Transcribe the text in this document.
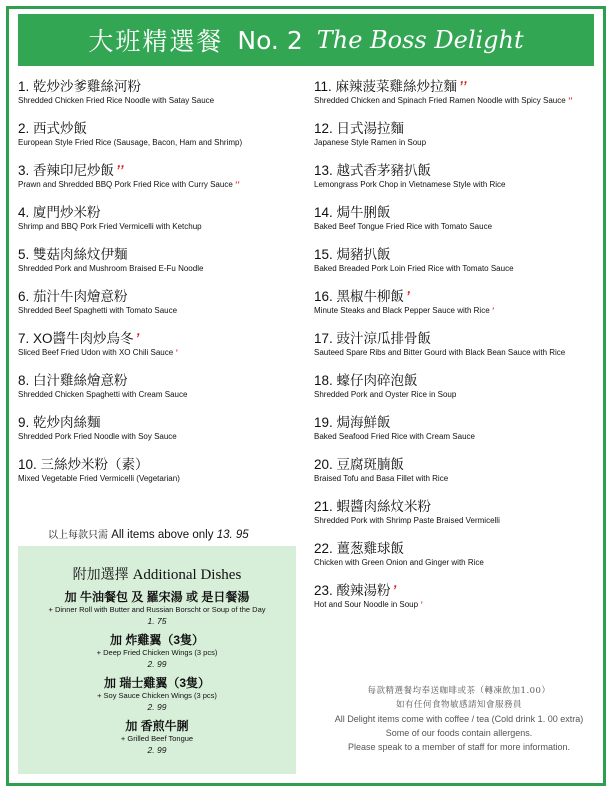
大班精選餐 No. 2 The Boss Delight
1. 乾炒沙爹雞絲河粉
Shredded Chicken Fried Rice Noodle with Satay Sauce
2. 西式炒飯
European Style Fried Rice (Sausage, Bacon, Ham and Shrimp)
3. 香辣印尼炒飯 ʼʼ
Prawn and Shredded BBQ Pork Fried Rice with Curry Sauce ʼʼ
4. 廈門炒米粉
Shrimp and BBQ Pork Fried Vermicelli with Ketchup
5. 雙菇肉絲炆伊麵
Shredded Pork and Mushroom Braised E-Fu Noodle
6. 茄汁牛肉燴意粉
Shredded Beef Spaghetti with Tomato Sauce
7. XO醬牛肉炒烏冬 ʼ
Sliced Beef Fried Udon with XO Chili Sauce ʼ
8. 白汁雞絲燴意粉
Shredded Chicken Spaghetti with Cream Sauce
9. 乾炒肉絲麵
Shredded Pork Fried Noodle with Soy Sauce
10. 三絲炒米粉（素）
Mixed Vegetable Fried Vermicelli (Vegetarian)
11. 麻辣菠菜雞絲炒拉麵 ʼʼ
Shredded Chicken and Spinach Fried Ramen Noodle with Spicy Sauce ʼʼ
12. 日式湯拉麵
Japanese Style Ramen in Soup
13. 越式香茅豬扒飯
Lemongrass Pork Chop in Vietnamese Style with Rice
14. 焗牛脷飯
Baked Beef Tongue Fried Rice with Tomato Sauce
15. 焗豬扒飯
Baked Breaded Pork Loin Fried Rice with Tomato Sauce
16. 黑椒牛柳飯 ʼ
Minute Steaks and Black Pepper Sauce with Rice ʼ
17. 豉汁涼瓜排骨飯
Sauteed Spare Ribs and Bitter Gourd with Black Bean Sauce with Rice
18. 蠔仔肉碎泡飯
Shredded Pork and Oyster Rice in Soup
19. 焗海鮮飯
Baked Seafood Fried Rice with Cream Sauce
20. 豆腐斑腩飯
Braised Tofu and Basa Fillet with Rice
21. 蝦醬肉絲炆米粉
Shredded Pork with Shrimp Paste Braised Vermicelli
22. 薑葱雞球飯
Chicken with Green Onion and Ginger with Rice
23. 酸辣湯粉 ʼ
Hot and Sour Noodle in Soup ʼ
以上每款只需 All items above only 13. 95
附加選擇 Additional Dishes
加 牛油餐包 及 羅宋湯 或 是日餐湯
+ Dinner Roll with Butter and Russian Borscht or Soup of the Day
1. 75
加 炸雞翼（3隻）
+ Deep Fried Chicken Wings (3 pcs)
2. 99
加 瑞士雞翼（3隻）
+ Soy Sauce Chicken Wings (3 pcs)
2. 99
加 香煎牛脷
+ Grilled Beef Tongue
2. 99
每款精選餐均奉送咖啡或茶（轉凍飲加1.00）
如有任何食物敏感請知會服務員
All Delight items come with coffee / tea (Cold drink 1. 00 extra)
Some of our foods contain allergens.
Please speak to a member of staff for more information.
